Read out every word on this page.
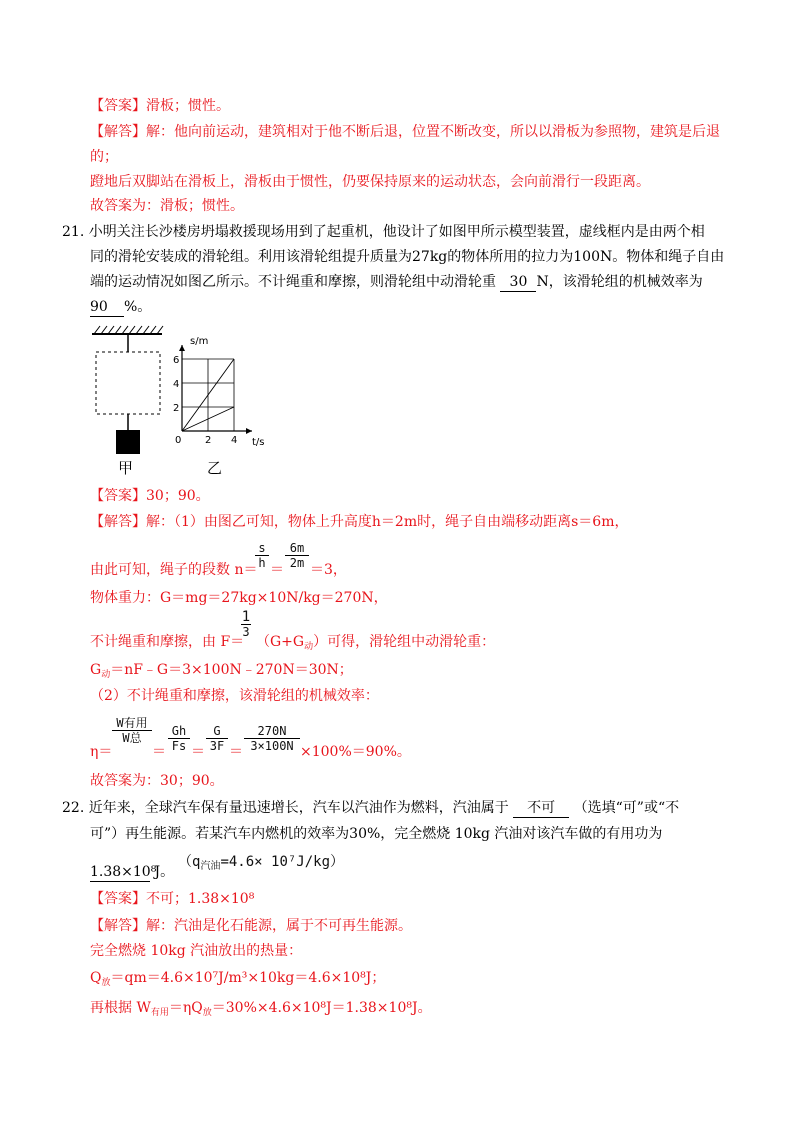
【答案】滑板；惯性。
【解答】解：他向前运动，建筑相对于他不断后退，位置不断改变，所以以滑板为参照物，建筑是后退
的；
蹬地后双脚站在滑板上，滑板由于惯性，仍要保持原来的运动状态，会向前滑行一段距离。
故答案为：滑板；惯性。
21. 小明关注长沙楼房坍塌救援现场用到了起重机，他设计了如图甲所示模型装置，虚线框内是由两个相
同的滑轮安装成的滑轮组。利用该滑轮组提升质量为27kg的物体所用的拉力为100N。物体和绳子自由
端的运动情况如图乙所示。不计绳重和摩擦，则滑轮组中动滑轮重 30 N，该滑轮组的机械效率为
90 %。
甲
s/m
t/s
2
4
6
0 2 4
乙
【答案】30；90。
【解答】解：（1）由图乙可知，物体上升高度h＝2m时，绳子自由端移动距离s＝6m，
由此可知，绳子的段数 n＝
$\frac{s}{h} = \frac{6m}{2m} =3$，
物体重力：G＝mg＝27kg×10N/kg＝270N，
不计绳重和摩擦，由 F＝
$\frac{1}{3}$
$(G+G_动)$可得，滑轮组中动滑轮重：
$G_动=nF﹣G=3\times 100N﹣270N=30N$；
（2）不计绳重和摩擦，该滑轮组的机械效率：
η＝
W有用
W总
＝ $\frac{Gh}{Fs} = \frac{G}{3F} = \frac{270N}{3\times 100N} \times 100\%=90\%$。
故答案为：30；90。
22. 近年来，全球汽车保有量迅速增长，汽车以汽油作为燃料，汽油属于 不可 （选填“可”或“不
可”）再生能源。若某汽车内燃机的效率为30%，完全燃烧 10kg 汽油对该汽车做的有用功为
1.38×10⁸ J。
$(q_{汽油}=4.6\times 10^7J/kg)$
【答案】不可；1.38×10⁸
【解答】解：汽油是化石能源，属于不可再生能源。
完全燃烧 10kg 汽油放出的热量：
$Q_放=qm=4.6\times 10^7J/m^3\times 10kg=4.6\times 10^8J$；
再根据 $W_{有用}=\eta Q_放=30\%\times 4.6\times 10^8J=1.38\times 10^8J$。
